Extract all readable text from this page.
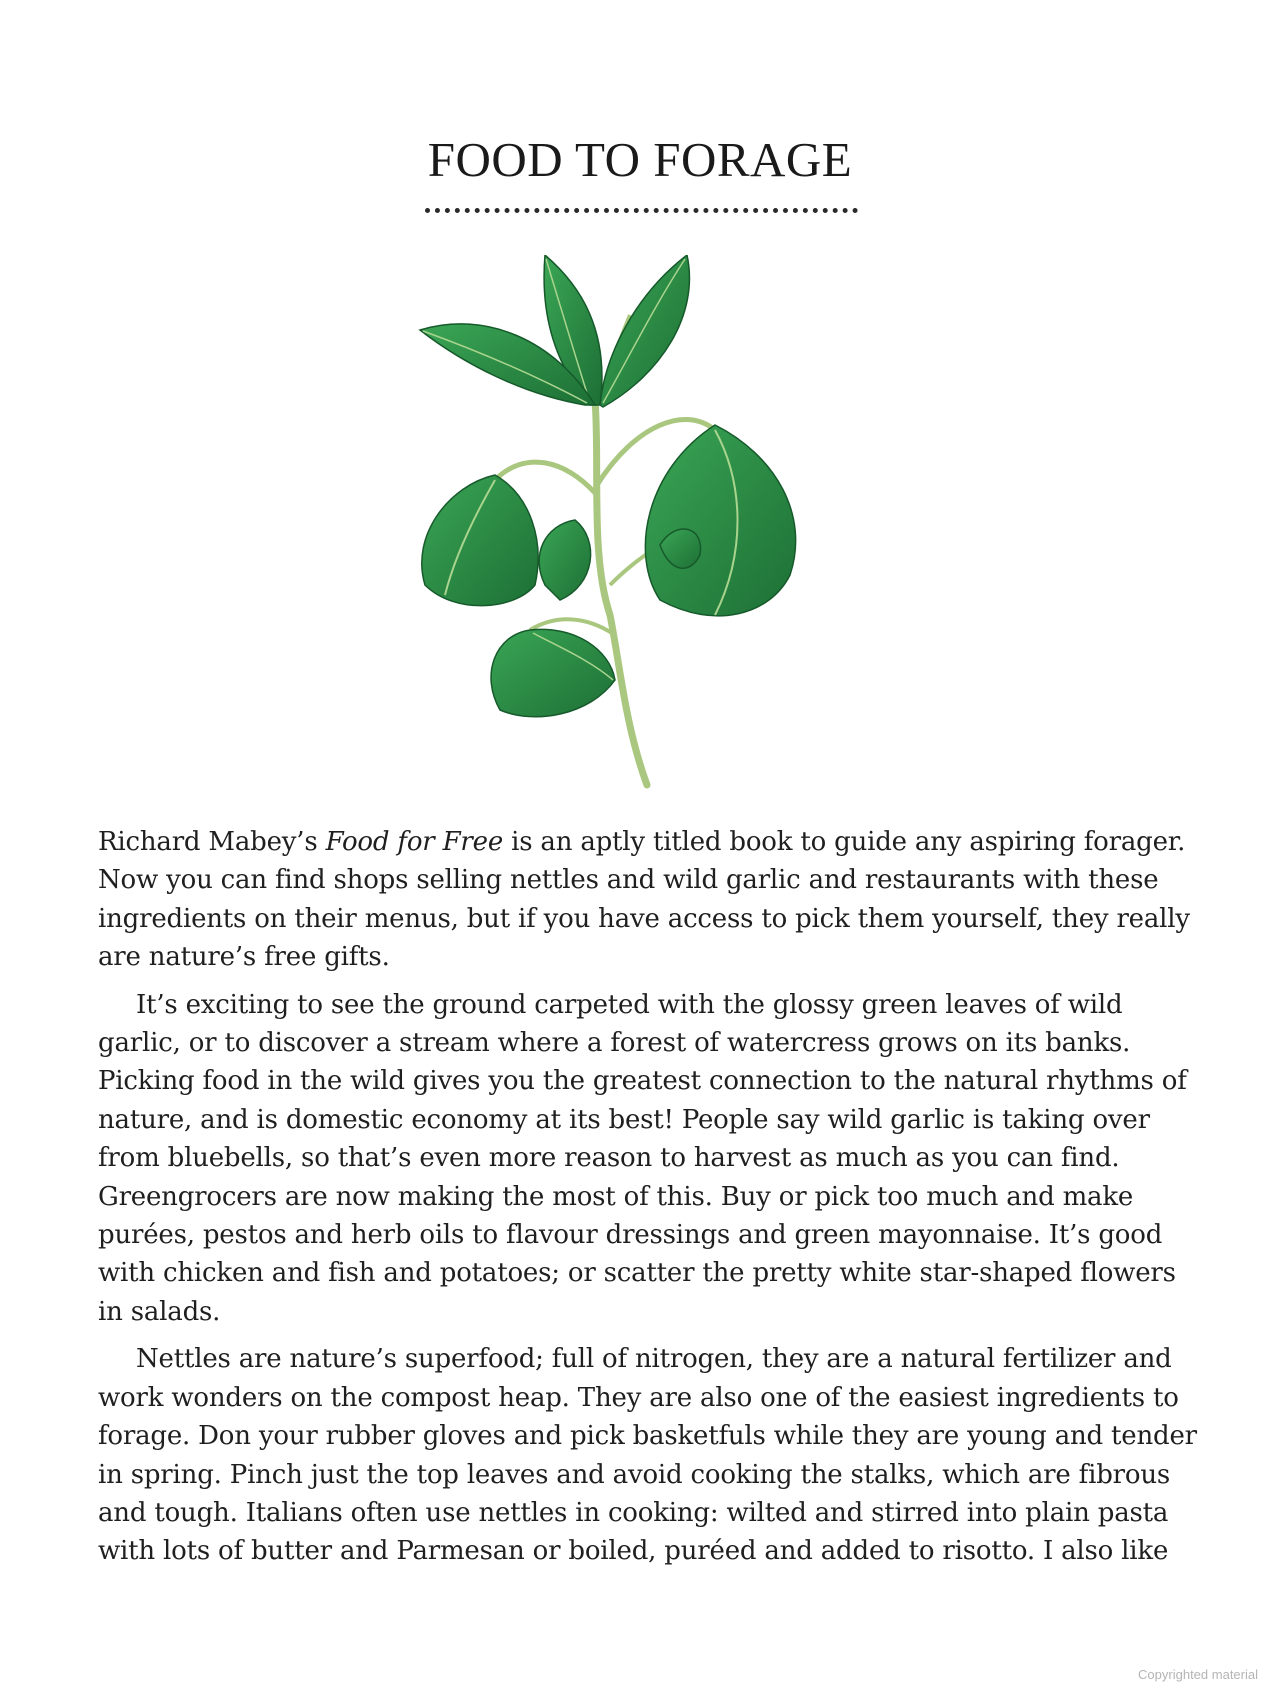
FOOD TO FORAGE

Richard Mabey’s Food for Free is an aptly titled book to guide any aspiring forager.
Now you can find shops selling nettles and wild garlic and restaurants with these
ingredients on their menus, but if you have access to pick them yourself, they really
are nature’s free gifts.

It’s exciting to see the ground carpeted with the glossy green leaves of wild
garlic, or to discover a stream where a forest of watercress grows on its banks.
Picking food in the wild gives you the greatest connection to the natural rhythms of
nature, and is domestic economy at its best! People say wild garlic is taking over
from bluebells, so that’s even more reason to harvest as much as you can find.
Greengrocers are now making the most of this. Buy or pick too much and make
purées, pestos and herb oils to flavour dressings and green mayonnaise. It’s good
with chicken and fish and potatoes; or scatter the pretty white star-shaped flowers
in salads.

Nettles are nature’s superfood; full of nitrogen, they are a natural fertilizer and
work wonders on the compost heap. They are also one of the easiest ingredients to
forage. Don your rubber gloves and pick basketfuls while they are young and tender
in spring. Pinch just the top leaves and avoid cooking the stalks, which are fibrous
and tough. Italians often use nettles in cooking: wilted and stirred into plain pasta
with lots of butter and Parmesan or boiled, puréed and added to risotto. I also like

Copyrighted material
